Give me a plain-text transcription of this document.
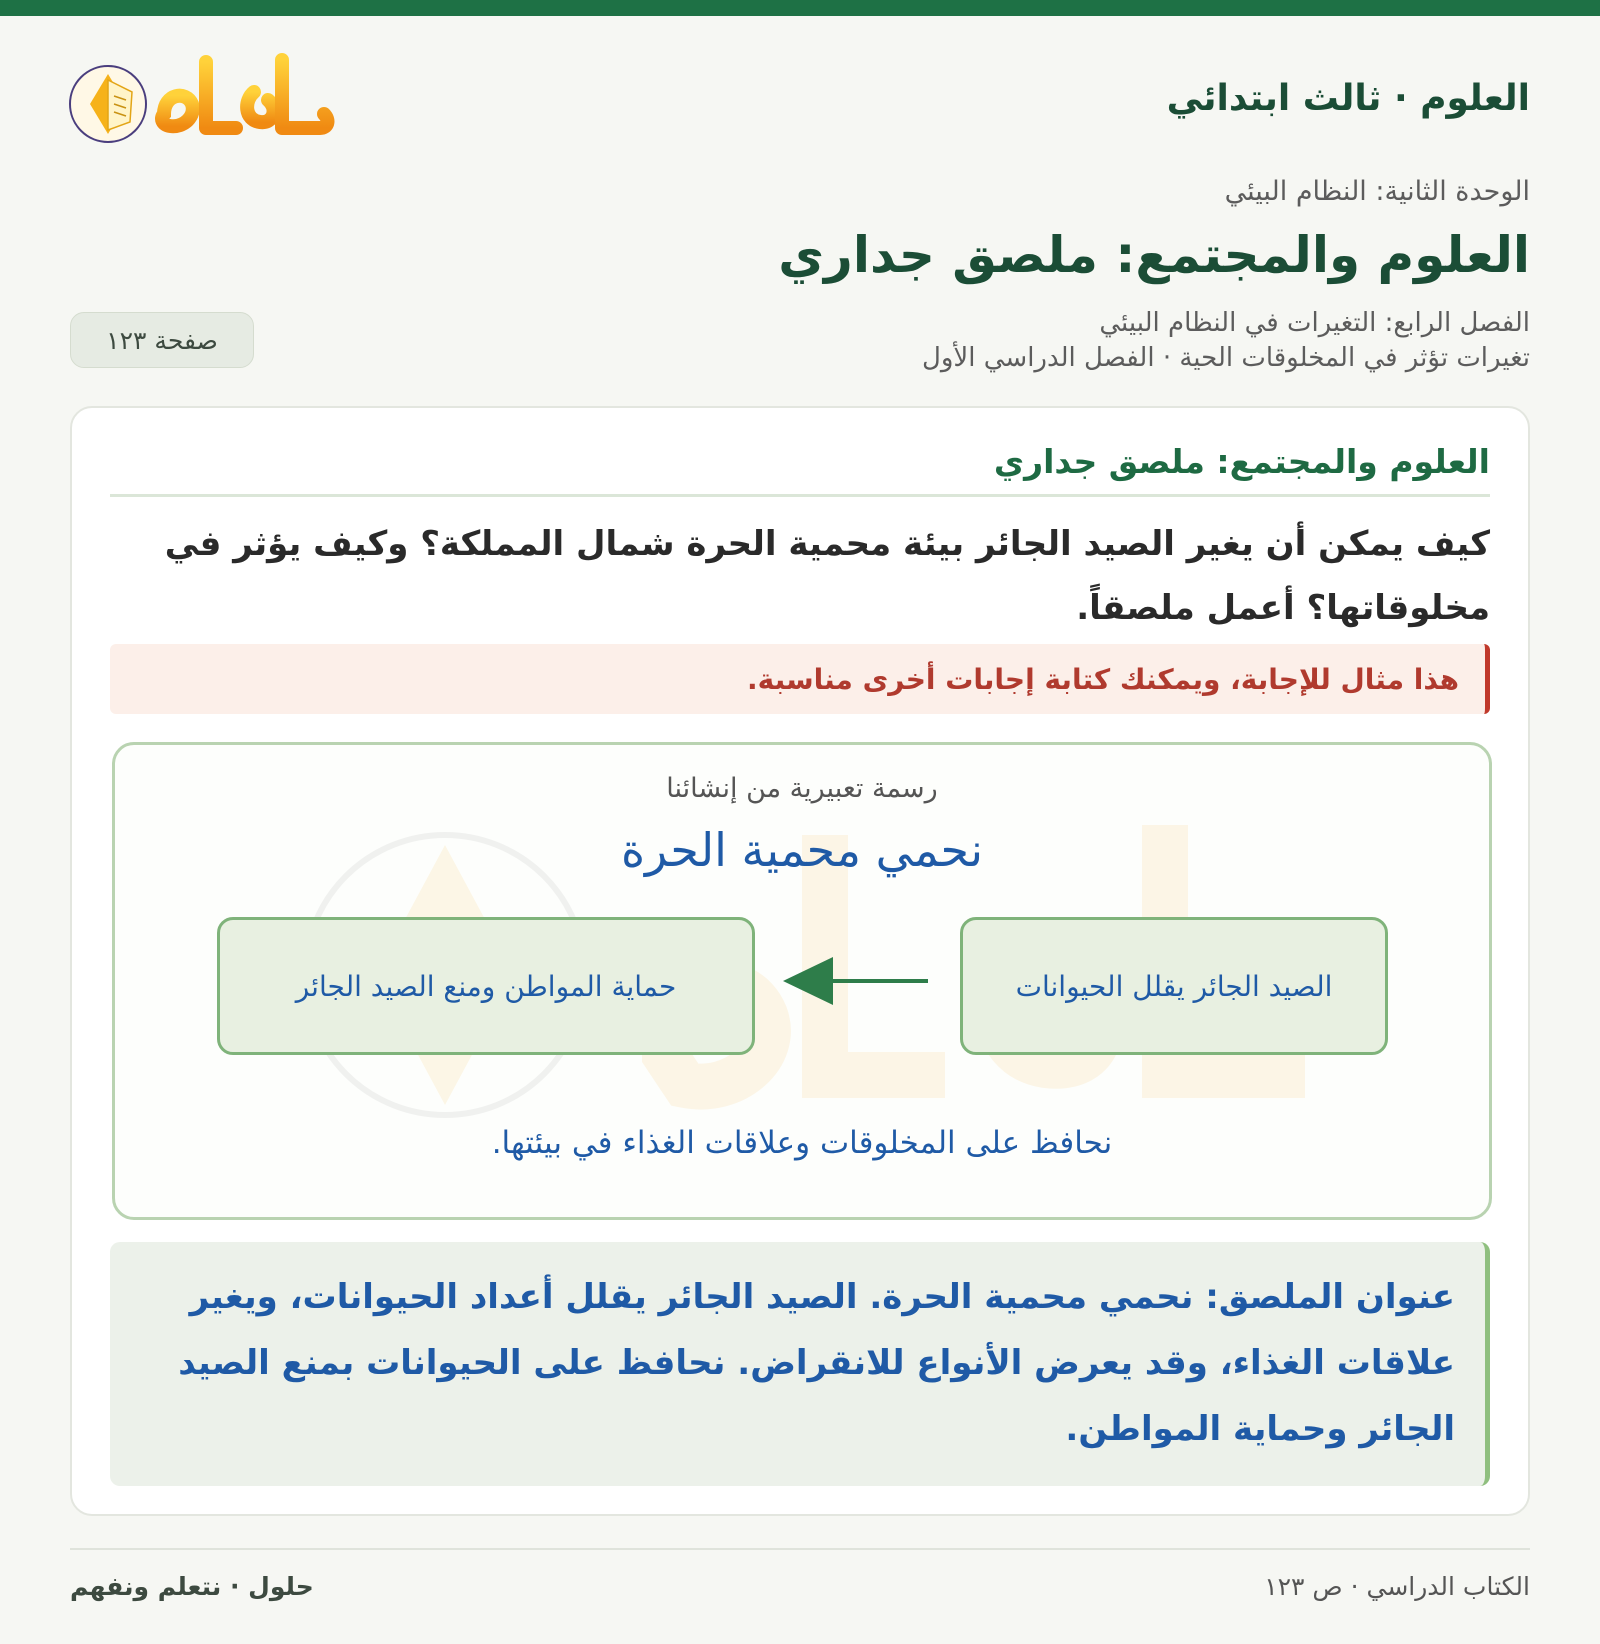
العلوم · ثالث ابتدائي
الوحدة الثانية: النظام البيئي
العلوم والمجتمع: ملصق جداري
الفصل الرابع: التغيرات في النظام البيئي
تغيرات تؤثر في المخلوقات الحية · الفصل الدراسي الأول
صفحة ١٢٣
العلوم والمجتمع: ملصق جداري
كيف يمكن أن يغير الصيد الجائر بيئة محمية الحرة شمال المملكة؟ وكيف يؤثر في مخلوقاتها؟ أعمل ملصقاً.
هذا مثال للإجابة، ويمكنك كتابة إجابات أخرى مناسبة.
رسمة تعبيرية من إنشائنا
نحمي محمية الحرة
الصيد الجائر يقلل الحيوانات
حماية المواطن ومنع الصيد الجائر
نحافظ على المخلوقات وعلاقات الغذاء في بيئتها.
عنوان الملصق: نحمي محمية الحرة. الصيد الجائر يقلل أعداد الحيوانات، ويغير علاقات الغذاء، وقد يعرض الأنواع للانقراض. نحافظ على الحيوانات بمنع الصيد الجائر وحماية المواطن.
الكتاب الدراسي · ص ١٢٣
حلول · نتعلم ونفهم
